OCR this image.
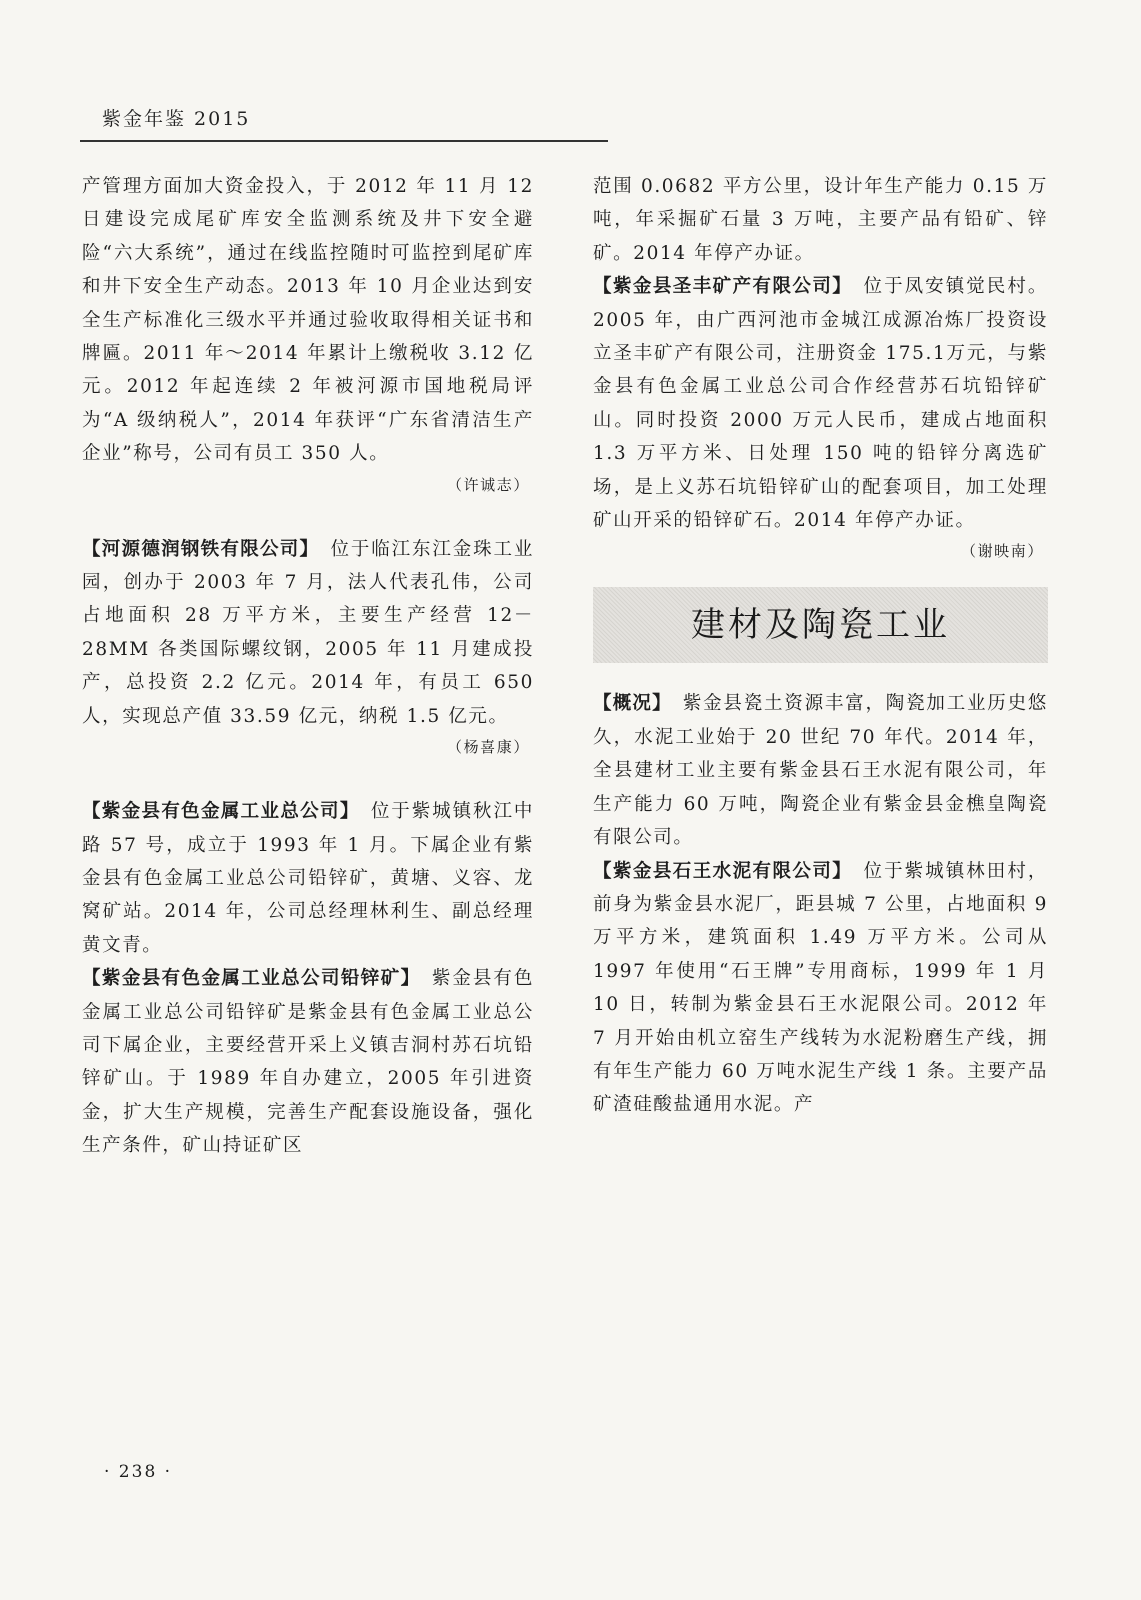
紫金年鉴 2015

产管理方面加大资金投入，于 2012 年 11 月 12 日建设完成尾矿库安全监测系统及井下安全避险“六大系统”，通过在线监控随时可监控到尾矿库和井下安全生产动态。2013 年 10 月企业达到安全生产标准化三级水平并通过验收取得相关证书和牌匾。2011 年～2014 年累计上缴税收 3.12 亿元。2012 年起连续 2 年被河源市国地税局评为“A 级纳税人”，2014 年获评“广东省清洁生产企业”称号，公司有员工 350 人。

（许诚志）

【河源德润钢铁有限公司】　 位于临江东江金珠工业园，创办于 2003 年 7 月，法人代表孔伟，公司占地面积 28 万平方米，主要生产经营 12－28MM 各类国际螺纹钢，2005 年 11 月建成投产，总投资 2.2 亿元。2014 年，有员工 650 人，实现总产值 33.59 亿元，纳税 1.5 亿元。

（杨喜康）

【紫金县有色金属工业总公司】　 位于紫城镇秋江中路 57 号，成立于 1993 年 1 月。下属企业有紫金县有色金属工业总公司铅锌矿，黄塘、义容、龙窝矿站。2014 年，公司总经理林利生、副总经理黄文青。

【紫金县有色金属工业总公司铅锌矿】　 紫金县有色金属工业总公司铅锌矿是紫金县有色金属工业总公司下属企业，主要经营开采上义镇吉洞村苏石坑铅锌矿山。于 1989 年自办建立，2005 年引进资金，扩大生产规模，完善生产配套设施设备，强化生产条件，矿山持证矿区

范围 0.0682 平方公里，设计年生产能力 0.15 万吨，年采掘矿石量 3 万吨，主要产品有铅矿、锌矿。2014 年停产办证。

【紫金县圣丰矿产有限公司】　 位于凤安镇觉民村。2005 年，由广西河池市金城江成源冶炼厂投资设立圣丰矿产有限公司，注册资金 175.1万元，与紫金县有色金属工业总公司合作经营苏石坑铅锌矿山。同时投资 2000 万元人民币，建成占地面积 1.3 万平方米、日处理 150 吨的铅锌分离选矿场，是上义苏石坑铅锌矿山的配套项目，加工处理矿山开采的铅锌矿石。2014 年停产办证。

（谢映南）

建材及陶瓷工业

【概况】　 紫金县瓷土资源丰富，陶瓷加工业历史悠久，水泥工业始于 20 世纪 70 年代。2014 年，全县建材工业主要有紫金县石王水泥有限公司，年生产能力 60 万吨，陶瓷企业有紫金县金樵皇陶瓷有限公司。

【紫金县石王水泥有限公司】　 位于紫城镇林田村，前身为紫金县水泥厂，距县城 7 公里，占地面积 9 万平方米，建筑面积 1.49 万平方米。公司从 1997 年使用“石王牌”专用商标，1999 年 1 月 10 日，转制为紫金县石王水泥限公司。2012 年 7 月开始由机立窑生产线转为水泥粉磨生产线，拥有年生产能力 60 万吨水泥生产线 1 条。主要产品矿渣硅酸盐通用水泥。产

· 238 ·
